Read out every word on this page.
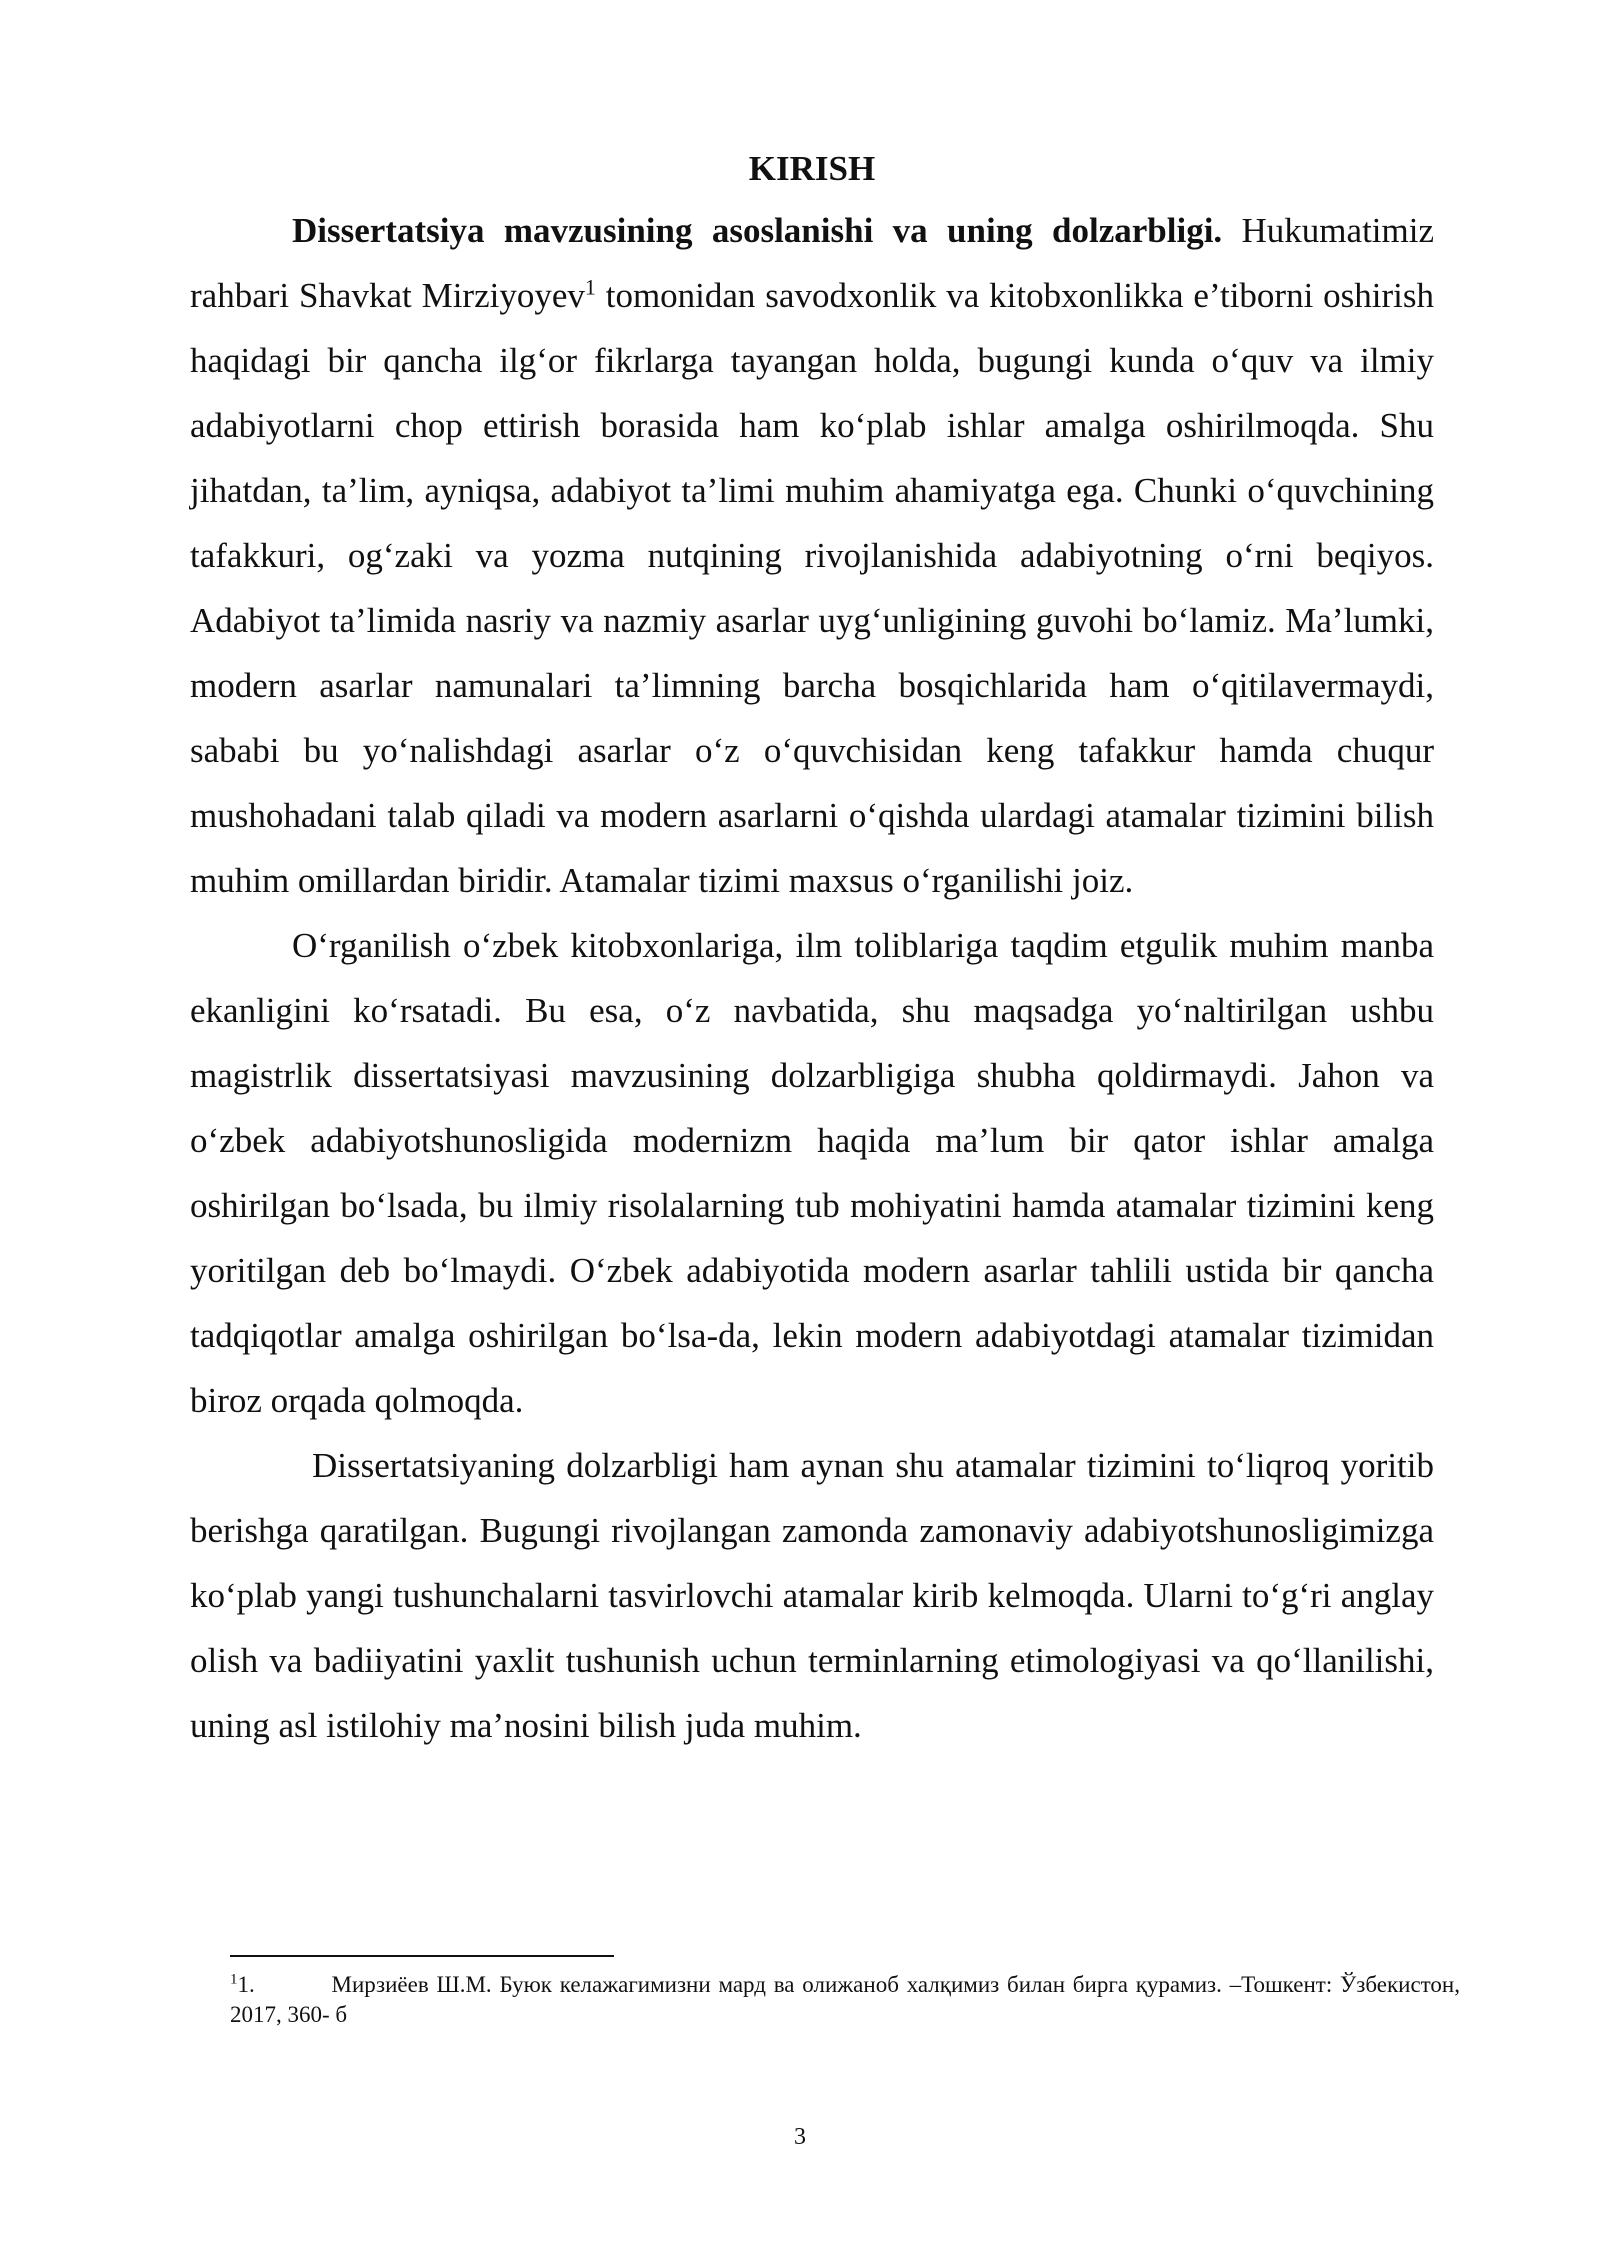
KIRISH

Dissertatsiya mavzusining asoslanishi va uning dolzarbligi. Hukumatimiz rahbari Shavkat Mirziyoyev$^1$ tomonidan savodxonlik va kitobxonlikka e’tiborni oshirish haqidagi bir qancha ilg‘or fikrlarga tayangan holda, bugungi kunda o‘quv va ilmiy adabiyotlarni chop ettirish borasida ham ko‘plab ishlar amalga oshirilmoqda. Shu jihatdan, ta’lim, ayniqsa, adabiyot ta’limi muhim ahamiyatga ega. Chunki o‘quvchining tafakkuri, og‘zaki va yozma nutqining rivojlanishida adabiyotning o‘rni beqiyos. Adabiyot ta’limida nasriy va nazmiy asarlar uyg‘unligining guvohi bo‘lamiz. Ma’lumki, modern asarlar namunalari ta’limning barcha bosqichlarida ham o‘qitilavermaydi, sababi bu yo‘nalishdagi asarlar o‘z o‘quvchisidan keng tafakkur hamda chuqur mushohadani talab qiladi va modern asarlarni o‘qishda ulardagi atamalar tizimini bilish muhim omillardan biridir. Atamalar tizimi maxsus o‘rganilishi joiz.

O‘rganilish o‘zbek kitobxonlariga, ilm toliblariga taqdim etgulik muhim manba ekanligini ko‘rsatadi. Bu esa, o‘z navbatida, shu maqsadga yo‘naltirilgan ushbu magistrlik dissertatsiyasi mavzusining dolzarbligiga shubha qoldirmaydi. Jahon va o‘zbek adabiyotshunosligida modernizm haqida ma’lum bir qator ishlar amalga oshirilgan bo‘lsada, bu ilmiy risolalarning tub mohiyatini hamda atamalar tizimini keng yoritilgan deb bo‘lmaydi. O‘zbek adabiyotida modern asarlar tahlili ustida bir qancha tadqiqotlar amalga oshirilgan bo‘lsa-da, lekin modern adabiyotdagi atamalar tizimidan biroz orqada qolmoqda.

Dissertatsiyaning dolzarbligi ham aynan shu atamalar tizimini to‘liqroq yoritib berishga qaratilgan. Bugungi rivojlangan zamonda zamonaviy adabiyotshunosligimizga ko‘plab yangi tushunchalarni tasvirlovchi atamalar kirib kelmoqda. Ularni to‘g‘ri anglay olish va badiiyatini yaxlit tushunish uchun terminlarning etimologiyasi va qo‘llanilishi, uning asl istilohiy ma’nosini bilish juda muhim.

$^1$1.	Мирзиёев Ш.М. Буюк келажагимизни мард ва олижаноб халқимиз билан бирга қурамиз. –Тошкент: Ўзбекистон, 2017, 360- б
3
